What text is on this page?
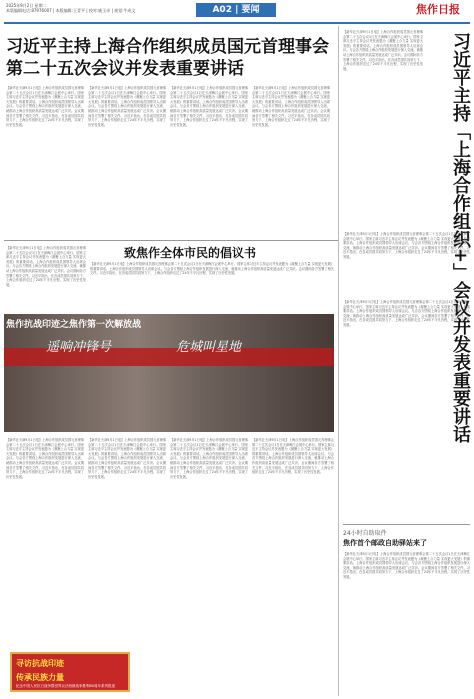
2025年9月2日 星期二
本版编辑电话:87976007 | 本版编辑:王青平 | 校对:姚玉卓 | 视觉:牛成文	A02 | 要闻	焦作日报
习近平主持上海合作组织成员国元首理事会第二十五次会议并发表重要讲话	习近平主持「上海合作组织+」会议并发表重要讲话
【新华社天津9月1日电】上海合作组织成员国元首理事会第二十五次会议1日在天津梅江会展中心举行。国家主席习近平主持会议并发表题为《凝聚上合力量 实现更大发展》的重要讲话。上海合作组织成员国领导人出席会议。与会各方围绕上海合作组织发展进行深入交流，就推动上海合作组织高质量发展达成广泛共识。会议期间各方签署了相关文件。习近平指出，在各成员国共同努力下，上海合作组织走过了24年不平凡历程，实现了历史性发展。
【新华社天津9月1日电】上海合作组织成员国元首理事会第二十五次会议1日在天津梅江会展中心举行。国家主席习近平主持会议并发表题为《凝聚上合力量 实现更大发展》的重要讲话。上海合作组织成员国领导人出席会议。与会各方围绕上海合作组织发展进行深入交流，就推动上海合作组织高质量发展达成广泛共识。会议期间各方签署了相关文件。习近平指出，在各成员国共同努力下，上海合作组织走过了24年不平凡历程，实现了历史性发展。
【新华社天津9月1日电】上海合作组织成员国元首理事会第二十五次会议1日在天津梅江会展中心举行。国家主席习近平主持会议并发表题为《凝聚上合力量 实现更大发展》的重要讲话。上海合作组织成员国领导人出席会议。与会各方围绕上海合作组织发展进行深入交流，就推动上海合作组织高质量发展达成广泛共识。会议期间各方签署了相关文件。习近平指出，在各成员国共同努力下，上海合作组织走过了24年不平凡历程，实现了历史性发展。
【新华社天津9月1日电】上海合作组织成员国元首理事会第二十五次会议1日在天津梅江会展中心举行。国家主席习近平主持会议并发表题为《凝聚上合力量 实现更大发展》的重要讲话。上海合作组织成员国领导人出席会议。与会各方围绕上海合作组织发展进行深入交流，就推动上海合作组织高质量发展达成广泛共识。会议期间各方签署了相关文件。习近平指出，在各成员国共同努力下，上海合作组织走过了24年不平凡历程，实现了历史性发展。
【新华社天津9月1日电】上海合作组织成员国元首理事会第二十五次会议1日在天津梅江会展中心举行。国家主席习近平主持会议并发表题为《凝聚上合力量 实现更大发展》的重要讲话。上海合作组织成员国领导人出席会议。与会各方围绕上海合作组织发展进行深入交流，就推动上海合作组织高质量发展达成广泛共识。会议期间各方签署了相关文件。习近平指出，在各成员国共同努力下，上海合作组织走过了24年不平凡历程，实现了历史性发展。
【新华社天津9月1日电】上海合作组织成员国元首理事会第二十五次会议1日在天津梅江会展中心举行。国家主席习近平主持会议并发表题为《凝聚上合力量 实现更大发展》的重要讲话。上海合作组织成员国领导人出席会议。与会各方围绕上海合作组织发展进行深入交流，就推动上海合作组织高质量发展达成广泛共识。会议期间各方签署了相关文件。习近平指出，在各成员国共同努力下，上海合作组织走过了24年不平凡历程，实现了历史性发展。
【新华社天津9月1日电】上海合作组织成员国元首理事会第二十五次会议1日在天津梅江会展中心举行。国家主席习近平主持会议并发表题为《凝聚上合力量 实现更大发展》的重要讲话。上海合作组织成员国领导人出席会议。与会各方围绕上海合作组织发展进行深入交流，就推动上海合作组织高质量发展达成广泛共识。会议期间各方签署了相关文件。习近平指出，在各成员国共同努力下，上海合作组织走过了24年不平凡历程，实现了历史性发展。
【新华社天津9月1日电】上海合作组织成员国元首理事会第二十五次会议1日在天津梅江会展中心举行。国家主席习近平主持会议并发表题为《凝聚上合力量 实现更大发展》的重要讲话。上海合作组织成员国领导人出席会议。与会各方围绕上海合作组织发展进行深入交流，就推动上海合作组织高质量发展达成广泛共识。会议期间各方签署了相关文件。习近平指出，在各成员国共同努力下，上海合作组织走过了24年不平凡历程，实现了历史性发展。
致焦作全体市民的倡议书
【新华社天津9月1日电】上海合作组织成员国元首理事会第二十五次会议1日在天津梅江会展中心举行。国家主席习近平主持会议并发表题为《凝聚上合力量 实现更大发展》的重要讲话。上海合作组织成员国领导人出席会议。与会各方围绕上海合作组织发展进行深入交流，就推动上海合作组织高质量发展达成广泛共识。会议期间各方签署了相关文件。习近平指出，在各成员国共同努力下，上海合作组织走过了24年不平凡历程，实现了历史性发展。
焦作抗战印迹之焦作第一次解放战
遥响冲锋号	危城叫星地
【新华社天津9月1日电】上海合作组织成员国元首理事会第二十五次会议1日在天津梅江会展中心举行。国家主席习近平主持会议并发表题为《凝聚上合力量 实现更大发展》的重要讲话。上海合作组织成员国领导人出席会议。与会各方围绕上海合作组织发展进行深入交流，就推动上海合作组织高质量发展达成广泛共识。会议期间各方签署了相关文件。习近平指出，在各成员国共同努力下，上海合作组织走过了24年不平凡历程，实现了历史性发展。
【新华社天津9月1日电】上海合作组织成员国元首理事会第二十五次会议1日在天津梅江会展中心举行。国家主席习近平主持会议并发表题为《凝聚上合力量 实现更大发展》的重要讲话。上海合作组织成员国领导人出席会议。与会各方围绕上海合作组织发展进行深入交流，就推动上海合作组织高质量发展达成广泛共识。会议期间各方签署了相关文件。习近平指出，在各成员国共同努力下，上海合作组织走过了24年不平凡历程，实现了历史性发展。
【新华社天津9月1日电】上海合作组织成员国元首理事会第二十五次会议1日在天津梅江会展中心举行。国家主席习近平主持会议并发表题为《凝聚上合力量 实现更大发展》的重要讲话。上海合作组织成员国领导人出席会议。与会各方围绕上海合作组织发展进行深入交流，就推动上海合作组织高质量发展达成广泛共识。会议期间各方签署了相关文件。习近平指出，在各成员国共同努力下，上海合作组织走过了24年不平凡历程，实现了历史性发展。
【新华社天津9月1日电】上海合作组织成员国元首理事会第二十五次会议1日在天津梅江会展中心举行。国家主席习近平主持会议并发表题为《凝聚上合力量 实现更大发展》的重要讲话。上海合作组织成员国领导人出席会议。与会各方围绕上海合作组织发展进行深入交流，就推动上海合作组织高质量发展达成广泛共识。会议期间各方签署了相关文件。习近平指出，在各成员国共同努力下，上海合作组织走过了24年不平凡历程，实现了历史性发展。
寻访抗战印迹
传承民族力量
纪念中国人民抗日战争暨世界反法西斯战争胜利80周年系列报道
24小时自助取件
焦作首个邮政自助驿站来了
【新华社天津9月1日电】上海合作组织成员国元首理事会第二十五次会议1日在天津梅江会展中心举行。国家主席习近平主持会议并发表题为《凝聚上合力量 实现更大发展》的重要讲话。上海合作组织成员国领导人出席会议。与会各方围绕上海合作组织发展进行深入交流，就推动上海合作组织高质量发展达成广泛共识。会议期间各方签署了相关文件。习近平指出，在各成员国共同努力下，上海合作组织走过了24年不平凡历程，实现了历史性发展。
